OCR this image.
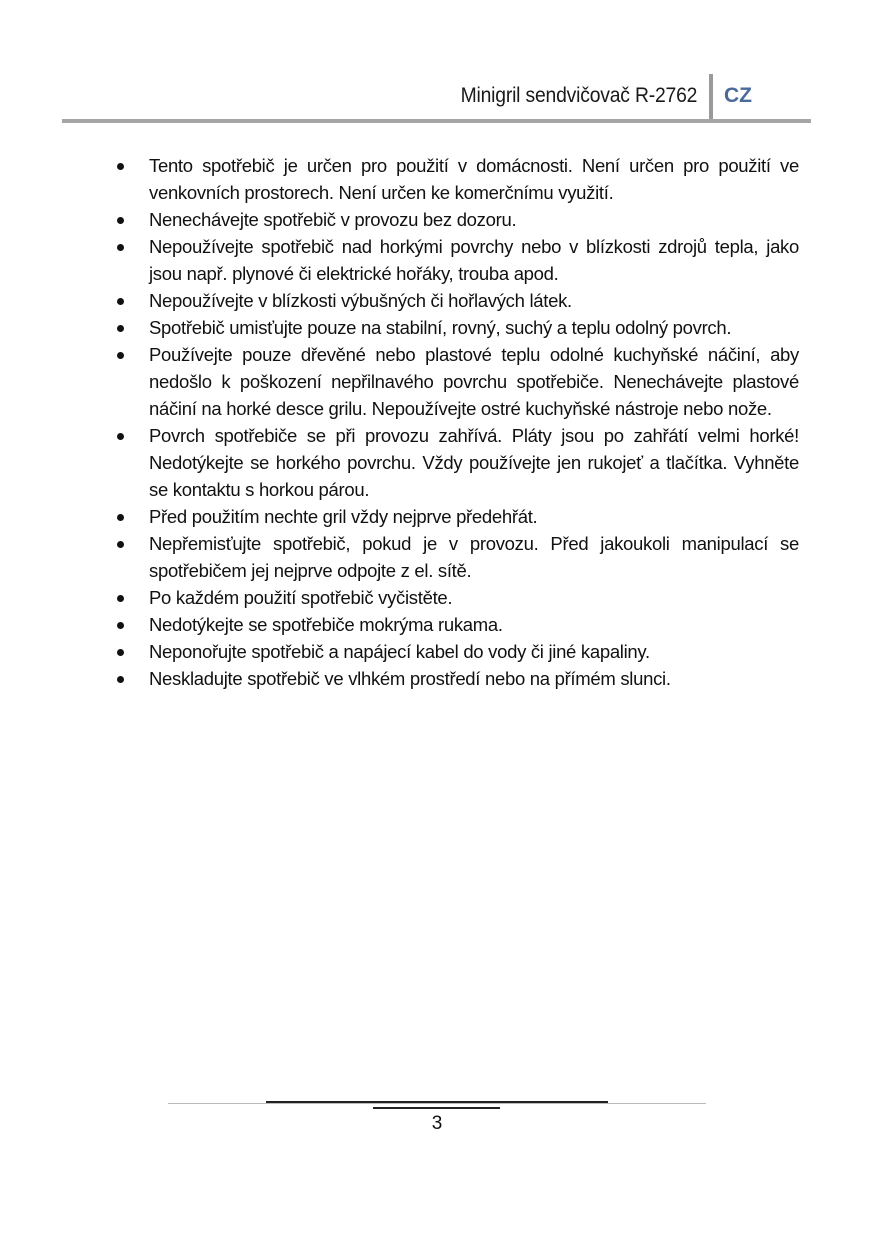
Minigril sendvičovač R-2762 CZ
Tento spotřebič je určen pro použití v domácnosti. Není určen pro použití ve venkovních prostorech. Není určen ke komerčnímu využití.
Nenechávejte spotřebič v provozu bez dozoru.
Nepoužívejte spotřebič nad horkými povrchy nebo v blízkosti zdrojů tepla, jako jsou např. plynové či elektrické hořáky, trouba apod.
Nepoužívejte v blízkosti výbušných či hořlavých látek.
Spotřebič umisťujte pouze na stabilní, rovný, suchý a teplu odolný povrch.
Používejte pouze dřevěné nebo plastové teplu odolné kuchyňské náčiní, aby nedošlo k poškození nepřilnavého povrchu spotřebiče. Nenechávejte plastové náčiní na horké desce grilu. Nepoužívejte ostré kuchyňské nástroje nebo nože.
Povrch spotřebiče se při provozu zahřívá. Pláty jsou po zahřátí velmi horké! Nedotýkejte se horkého povrchu. Vždy používejte jen rukojeť a tlačítka. Vyhněte se kontaktu s horkou párou.
Před použitím nechte gril vždy nejprve předehřát.
Nepřemisťujte spotřebič, pokud je v provozu. Před jakoukoli manipulací se spotřebičem jej nejprve odpojte z el. sítě.
Po každém použití spotřebič vyčistěte.
Nedotýkejte se spotřebiče mokrýma rukama.
Neponořujte spotřebič a napájecí kabel do vody či jiné kapaliny.
Neskladujte spotřebič ve vlhkém prostředí nebo na přímém slunci.
3
